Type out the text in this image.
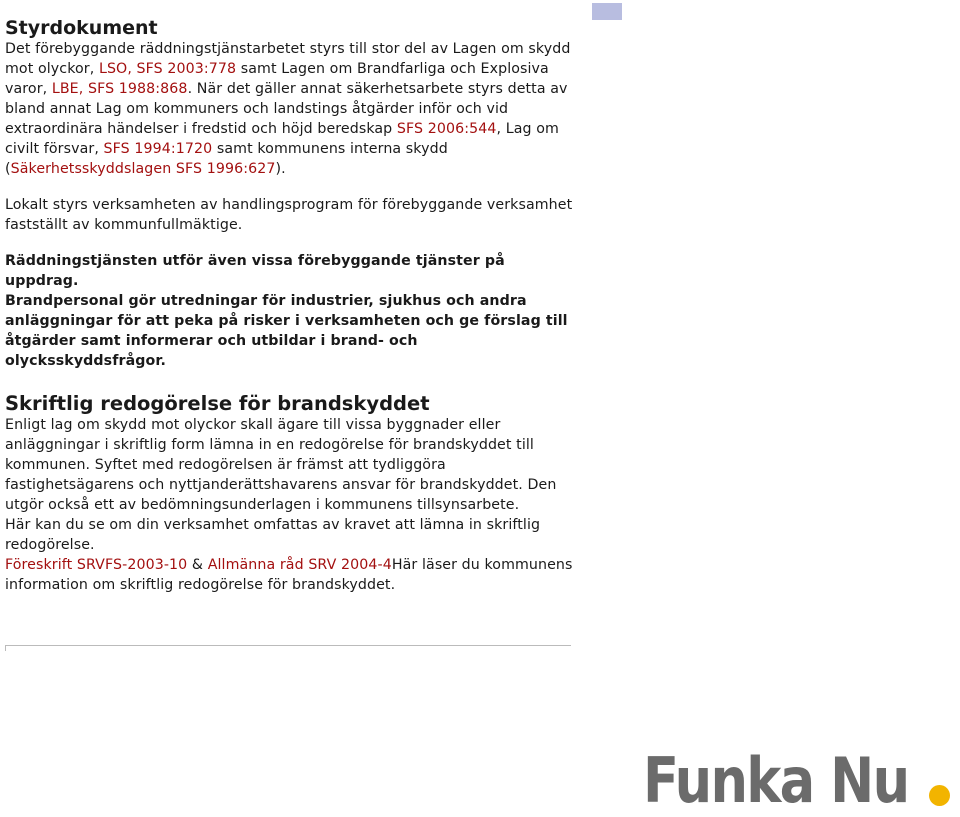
Styrdokument

Det förebyggande räddningstjänstarbetet styrs till stor del av Lagen om skydd mot olyckor, LSO, SFS 2003:778 samt Lagen om Brandfarliga och Explosiva varor, LBE, SFS 1988:868. När det gäller annat säkerhetsarbete styrs detta av bland annat Lag om kommuners och landstings åtgärder inför och vid extraordinära händelser i fredstid och höjd beredskap SFS 2006:544, Lag om civilt försvar, SFS 1994:1720 samt kommunens interna skydd (Säkerhetsskyddslagen SFS 1996:627).

Lokalt styrs verksamheten av handlingsprogram för förebyggande verksamhet fastställt av kommunfullmäktige.

Räddningstjänsten utför även vissa förebyggande tjänster på uppdrag.

Brandpersonal gör utredningar för industrier, sjukhus och andra anläggningar för att peka på risker i verksamheten och ge förslag till åtgärder samt informerar och utbildar i brand- och olycksskyddsfrågor.

Skriftlig redogörelse för brandskyddet

Enligt lag om skydd mot olyckor skall ägare till vissa byggnader eller anläggningar i skriftlig form lämna in en redogörelse för brandskyddet till kommunen. Syftet med redogörelsen är främst att tydliggöra fastighetsägarens och nyttjanderättshavarens ansvar för brandskyddet. Den utgör också ett av bedömningsunderlagen i kommunens tillsynsarbete.

Här kan du se om din verksamhet omfattas av kravet att lämna in skriftlig redogörelse.

Föreskrift SRVFS-2003-10 & Allmänna råd SRV 2004-4Här läser du kommunens information om skriftlig redogörelse för brandskyddet.

Funka Nu
